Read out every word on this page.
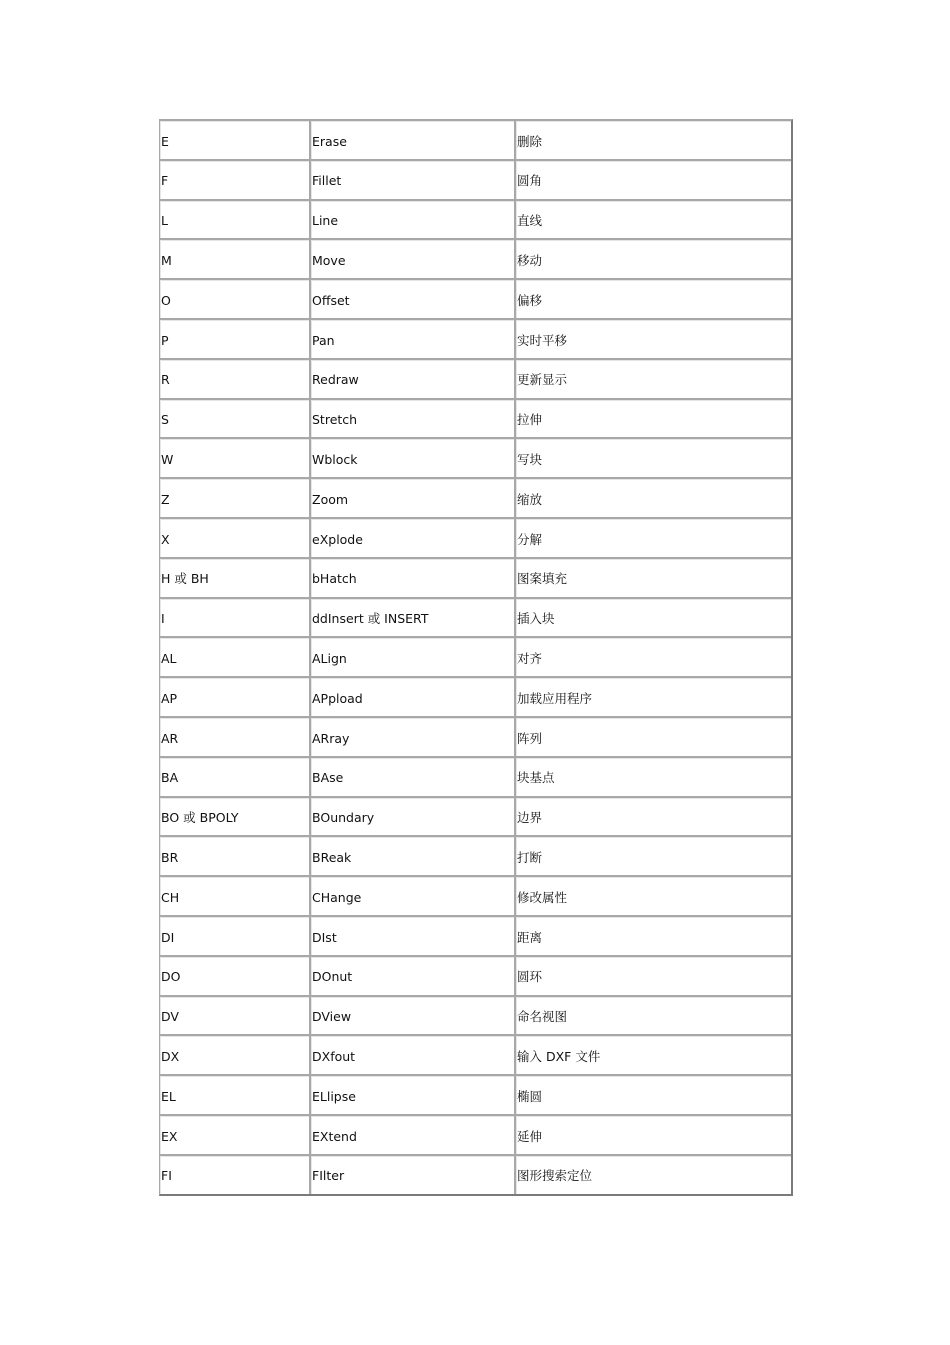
E	Erase	删除
F	Fillet	圆角
L	Line	直线
M	Move	移动
O	Offset	偏移
P	Pan	实时平移
R	Redraw	更新显示
S	Stretch	拉伸
W	Wblock	写块
Z	Zoom	缩放
X	eXplode	分解
H 或 BH	bHatch	图案填充
I	ddInsert 或 INSERT	插入块
AL	ALign	对齐
AP	APpload	加载应用程序
AR	ARray	阵列
BA	BAse	块基点
BO 或 BPOLY	BOundary	边界
BR	BReak	打断
CH	CHange	修改属性
DI	DIst	距离
DO	DOnut	圆环
DV	DView	命名视图
DX	DXfout	输入 DXF 文件
EL	ELlipse	椭圆
EX	EXtend	延伸
FI	FIlter	图形搜索定位
